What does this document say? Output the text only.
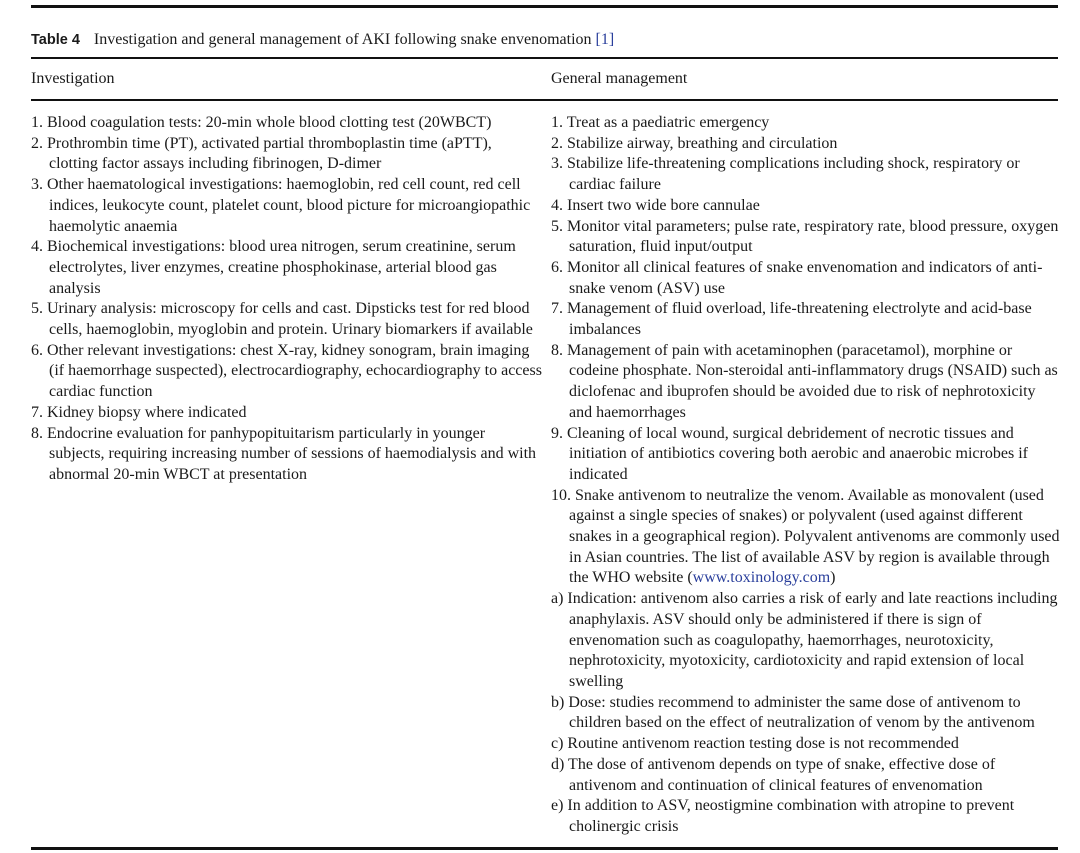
Table 4 Investigation and general management of AKI following snake envenomation [1]
Investigation	General management
1. Blood coagulation tests: 20-min whole blood clotting test (20WBCT)
2. Prothrombin time (PT), activated partial thromboplastin time (aPTT), clotting factor assays including fibrinogen, D-dimer
3. Other haematological investigations: haemoglobin, red cell count, red cell indices, leukocyte count, platelet count, blood picture for microangiopathic haemolytic anaemia
4. Biochemical investigations: blood urea nitrogen, serum creatinine, serum electrolytes, liver enzymes, creatine phosphokinase, arterial blood gas analysis
5. Urinary analysis: microscopy for cells and cast. Dipsticks test for red blood cells, haemoglobin, myoglobin and protein. Urinary biomarkers if available
6. Other relevant investigations: chest X-ray, kidney sonogram, brain imaging (if haemorrhage suspected), electrocardiography, echocardiography to access cardiac function
7. Kidney biopsy where indicated
8. Endocrine evaluation for panhypopituitarism particularly in younger subjects, requiring increasing number of sessions of haemodialysis and with abnormal 20-min WBCT at presentation
1. Treat as a paediatric emergency
2. Stabilize airway, breathing and circulation
3. Stabilize life-threatening complications including shock, respiratory or cardiac failure
4. Insert two wide bore cannulae
5. Monitor vital parameters; pulse rate, respiratory rate, blood pressure, oxygen saturation, fluid input/output
6. Monitor all clinical features of snake envenomation and indicators of anti-snake venom (ASV) use
7. Management of fluid overload, life-threatening electrolyte and acid-base imbalances
8. Management of pain with acetaminophen (paracetamol), morphine or codeine phosphate. Non-steroidal anti-inflammatory drugs (NSAID) such as diclofenac and ibuprofen should be avoided due to risk of nephrotoxicity and haemorrhages
9. Cleaning of local wound, surgical debridement of necrotic tissues and initiation of antibiotics covering both aerobic and anaerobic microbes if indicated
10. Snake antivenom to neutralize the venom. Available as monovalent (used against a single species of snakes) or polyvalent (used against different snakes in a geographical region). Polyvalent antivenoms are commonly used in Asian countries. The list of available ASV by region is available through the WHO website (www.toxinology.com)
a) Indication: antivenom also carries a risk of early and late reactions including anaphylaxis. ASV should only be administered if there is sign of envenomation such as coagulopathy, haemorrhages, neurotoxicity, nephrotoxicity, myotoxicity, cardiotoxicity and rapid extension of local swelling
b) Dose: studies recommend to administer the same dose of antivenom to children based on the effect of neutralization of venom by the antivenom
c) Routine antivenom reaction testing dose is not recommended
d) The dose of antivenom depends on type of snake, effective dose of antivenom and continuation of clinical features of envenomation
e) In addition to ASV, neostigmine combination with atropine to prevent cholinergic crisis
